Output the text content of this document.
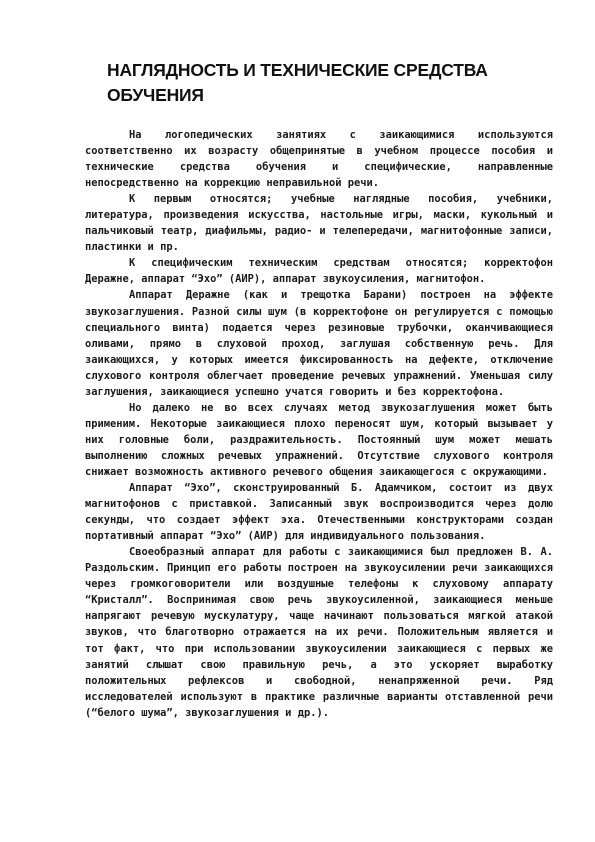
НАГЛЯДНОСТЬ И ТЕХНИЧЕСКИЕ СРЕДСТВА ОБУЧЕНИЯ

На логопедических занятиях с заикающимися используются соответственно их возрасту общепринятые в учебном процессе пособия и технические средства обучения и специфические, направленные непосредственно на коррекцию неправильной речи.

К первым относятся; учебные наглядные пособия, учебники, литература, произведения искусства, настольные игры, маски, кукольный и пальчиковый театр, диафильмы, радио- и телепередачи, магнитофонные записи, пластинки и пр.

К специфическим техническим средствам относятся; корректофон Деражне, аппарат “Эхо” (АИР), аппарат звукоусиления, магнитофон.

Аппарат Деражне (как и трещотка Барани) построен на эффекте звукозаглушения. Разной силы шум (в корректофоне он регулируется с помощью специального винта) подается через резиновые трубочки, оканчивающиеся оливами, прямо в слуховой проход, заглушая собственную речь. Для заикающихся, у которых имеется фиксированность на дефекте, отключение слухового контроля облегчает проведение речевых упражнений. Уменьшая силу заглушения, заикающиеся успешно учатся говорить и без корректофона.

Но далеко не во всех случаях метод звукозаглушения может быть применим. Некоторые заикающиеся плохо переносят шум, который вызывает у них головные боли, раздражительность. Постоянный шум может мешать выполнению сложных речевых упражнений. Отсутствие слухового контроля снижает возможность активного речевого общения заикающегося с окружающими.

Аппарат “Эхо”, сконструированный Б. Адамчиком, состоит из двух магнитофонов с приставкой. Записанный звук воспроизводится через долю секунды, что создает эффект эха. Отечественными конструкторами создан портативный аппарат “Эхо” (АИР) для индивидуального пользования.

Своеобразный аппарат для работы с заикающимися был предложен В. А. Раздольским. Принцип его работы построен на звукоусилении речи заикающихся через громкоговорители или воздушные телефоны к слуховому аппарату “Кристалл”. Воспринимая свою речь звукоусиленной, заикающиеся меньше напрягают речевую мускулатуру, чаще начинают пользоваться мягкой атакой звуков, что благотворно отражается на их речи. Положительным является и тот факт, что при использовании звукоусилении заикающиеся с первых же занятий слышат свою правильную речь, а это ускоряет выработку положительных рефлексов и свободной, ненапряженной речи. Ряд исследователей используют в практике различные варианты отставленной речи (“белого шума”, звукозаглушения и др.).
